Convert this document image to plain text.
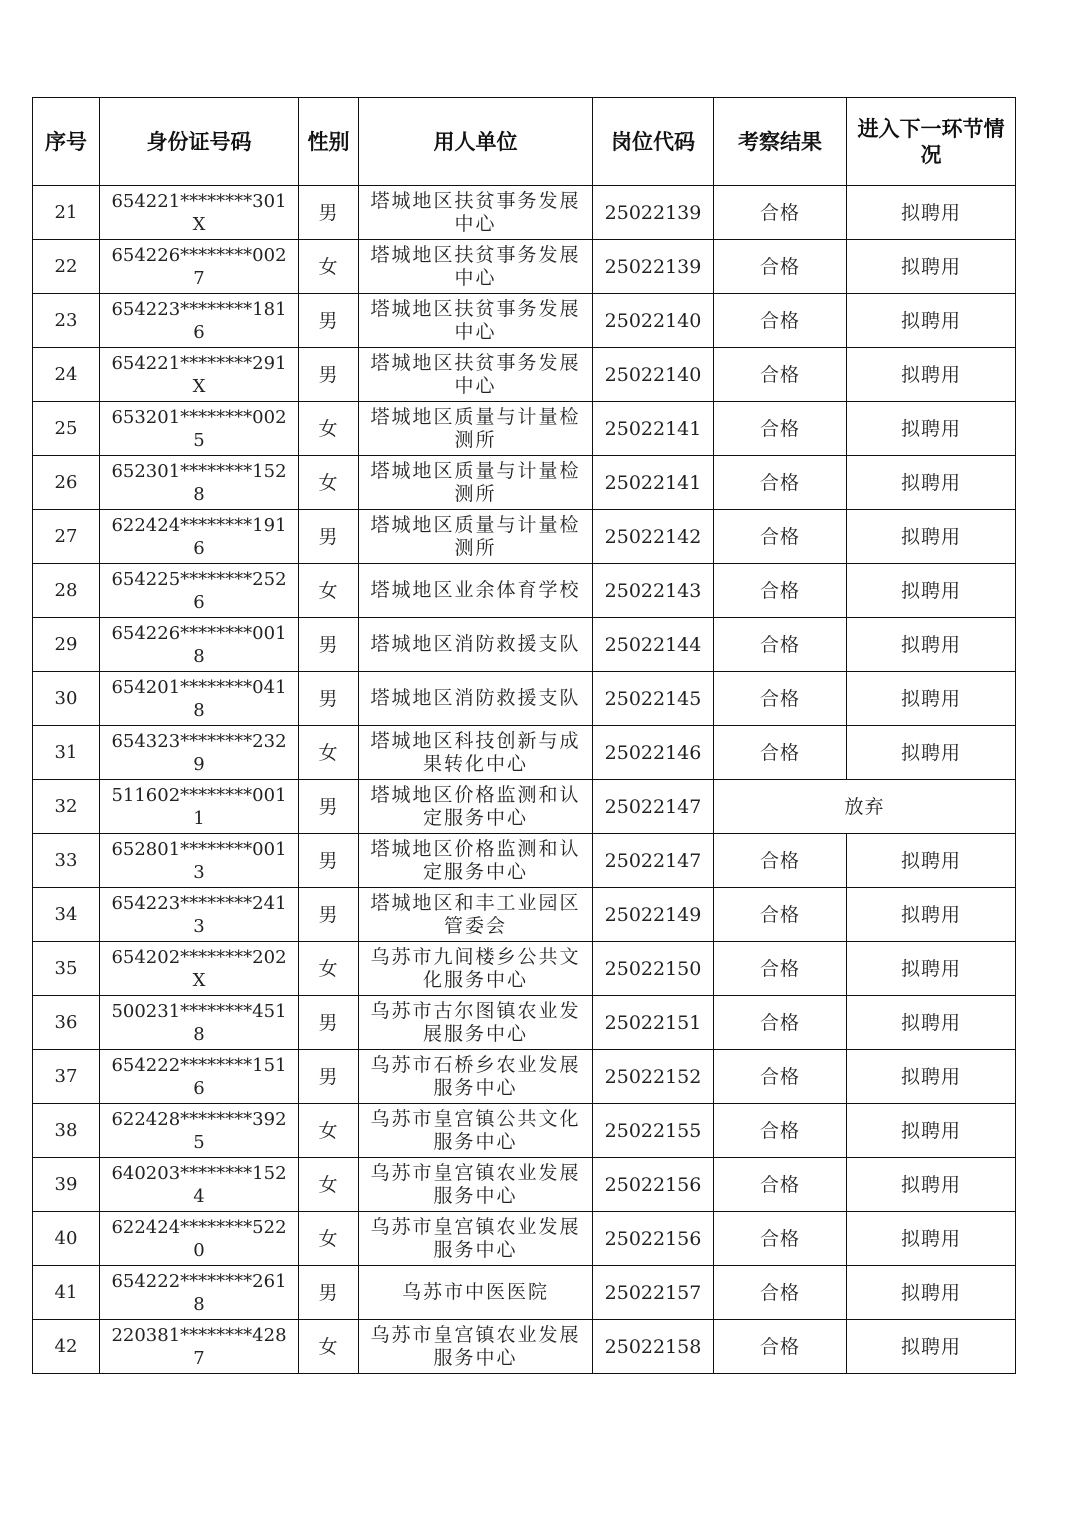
序号	身份证号码	性别	用人单位	岗位代码	考察结果	进入下一环节情况
21	654221********301X	男	塔城地区扶贫事务发展中心	25022139	合格	拟聘用
22	654226********0027	女	塔城地区扶贫事务发展中心	25022139	合格	拟聘用
23	654223********1816	男	塔城地区扶贫事务发展中心	25022140	合格	拟聘用
24	654221********291X	男	塔城地区扶贫事务发展中心	25022140	合格	拟聘用
25	653201********0025	女	塔城地区质量与计量检测所	25022141	合格	拟聘用
26	652301********1528	女	塔城地区质量与计量检测所	25022141	合格	拟聘用
27	622424********1916	男	塔城地区质量与计量检测所	25022142	合格	拟聘用
28	654225********2526	女	塔城地区业余体育学校	25022143	合格	拟聘用
29	654226********0018	男	塔城地区消防救援支队	25022144	合格	拟聘用
30	654201********0418	男	塔城地区消防救援支队	25022145	合格	拟聘用
31	654323********2329	女	塔城地区科技创新与成果转化中心	25022146	合格	拟聘用
32	511602********0011	男	塔城地区价格监测和认定服务中心	25022147	放弃	
33	652801********0013	男	塔城地区价格监测和认定服务中心	25022147	合格	拟聘用
34	654223********2413	男	塔城地区和丰工业园区管委会	25022149	合格	拟聘用
35	654202********202X	女	乌苏市九间楼乡公共文化服务中心	25022150	合格	拟聘用
36	500231********4518	男	乌苏市古尔图镇农业发展服务中心	25022151	合格	拟聘用
37	654222********1516	男	乌苏市石桥乡农业发展服务中心	25022152	合格	拟聘用
38	622428********3925	女	乌苏市皇宫镇公共文化服务中心	25022155	合格	拟聘用
39	640203********1524	女	乌苏市皇宫镇农业发展服务中心	25022156	合格	拟聘用
40	622424********5220	女	乌苏市皇宫镇农业发展服务中心	25022156	合格	拟聘用
41	654222********2618	男	乌苏市中医医院	25022157	合格	拟聘用
42	220381********4287	女	乌苏市皇宫镇农业发展服务中心	25022158	合格	拟聘用
